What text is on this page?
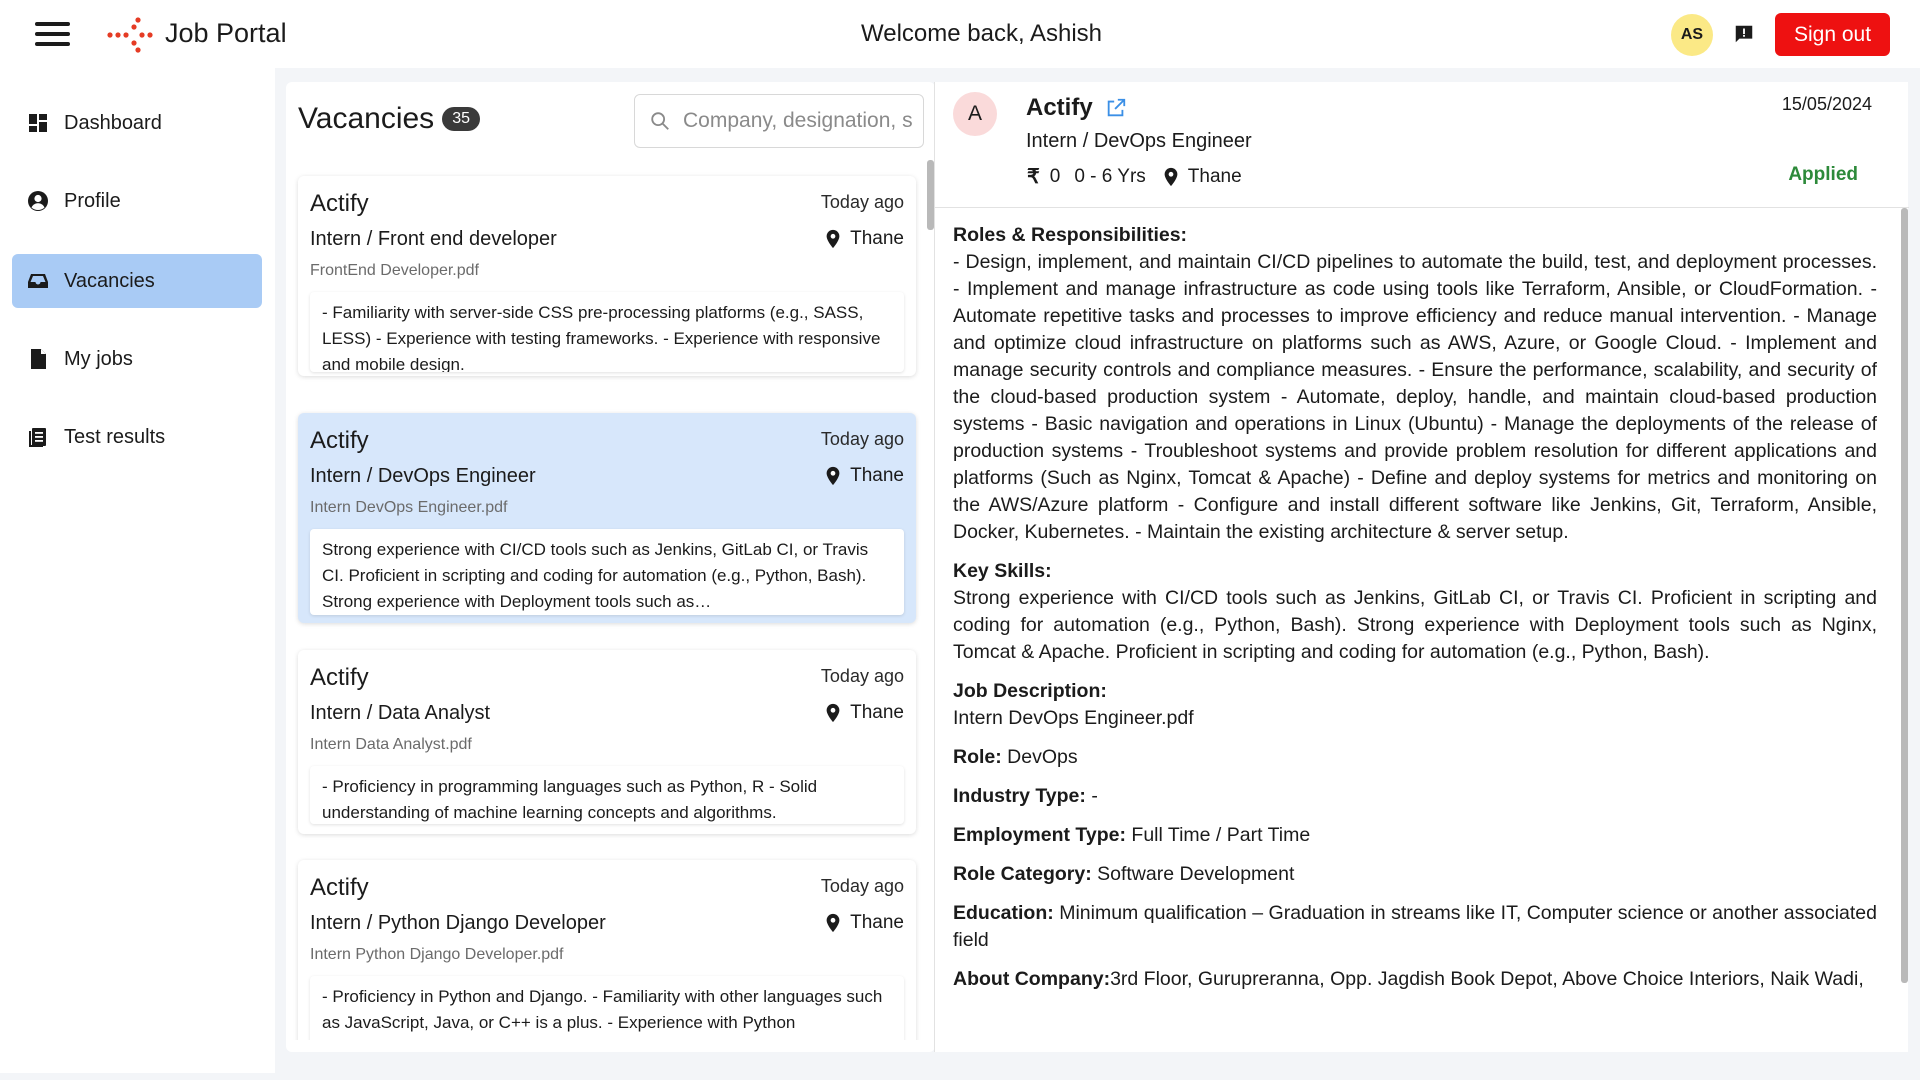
Job Portal	Welcome back, Ashish	AS	Sign out
Dashboard
Profile
Vacancies
My jobs
Test results
Vacancies	35
Company, designation, skills
Actify	Today ago
Intern / Front end developer	Thane
FrontEnd Developer.pdf
- Familiarity with server-side CSS pre-processing platforms (e.g., SASS, LESS) - Experience with testing frameworks. - Experience with responsive and mobile design.
Actify	Today ago
Intern / DevOps Engineer	Thane
Intern DevOps Engineer.pdf
Strong experience with CI/CD tools such as Jenkins, GitLab CI, or Travis CI. Proficient in scripting and coding for automation (e.g., Python, Bash). Strong experience with Deployment tools such as…
Actify	Today ago
Intern / Data Analyst	Thane
Intern Data Analyst.pdf
- Proficiency in programming languages such as Python, R - Solid understanding of machine learning concepts and algorithms.
Actify	Today ago
Intern / Python Django Developer	Thane
Intern Python Django Developer.pdf
- Proficiency in Python and Django. - Familiarity with other languages such as JavaScript, Java, or C++ is a plus. - Experience with Python
A	Actify
Intern / DevOps Engineer
₹ 0 0 - 6 Yrs Thane
15/05/2024
Applied
Roles & Responsibilities:
- Design, implement, and maintain CI/CD pipelines to automate the build, test, and deployment processes. - Implement and manage infrastructure as code using tools like Terraform, Ansible, or CloudFormation. - Automate repetitive tasks and processes to improve efficiency and reduce manual intervention. - Manage and optimize cloud infrastructure on platforms such as AWS, Azure, or Google Cloud. - Implement and manage security controls and compliance measures. - Ensure the performance, scalability, and security of the cloud-based production system - Automate, deploy, handle, and maintain cloud-based production systems - Basic navigation and operations in Linux (Ubuntu) - Manage the deployments of the release of production systems - Troubleshoot systems and provide problem resolution for different applications and platforms (Such as Nginx, Tomcat & Apache) - Define and deploy systems for metrics and monitoring on the AWS/Azure platform - Configure and install different software like Jenkins, Git, Terraform, Ansible, Docker, Kubernetes. - Maintain the existing architecture & server setup.
Key Skills:
Strong experience with CI/CD tools such as Jenkins, GitLab CI, or Travis CI. Proficient in scripting and coding for automation (e.g., Python, Bash). Strong experience with Deployment tools such as Nginx, Tomcat & Apache. Proficient in scripting and coding for automation (e.g., Python, Bash).
Job Description:
Intern DevOps Engineer.pdf
Role: DevOps
Industry Type: -
Employment Type: Full Time / Part Time
Role Category: Software Development
Education: Minimum qualification – Graduation in streams like IT, Computer science or another associated field
About Company:3rd Floor, Gurupreranna, Opp. Jagdish Book Depot, Above Choice Interiors, Naik Wadi,
